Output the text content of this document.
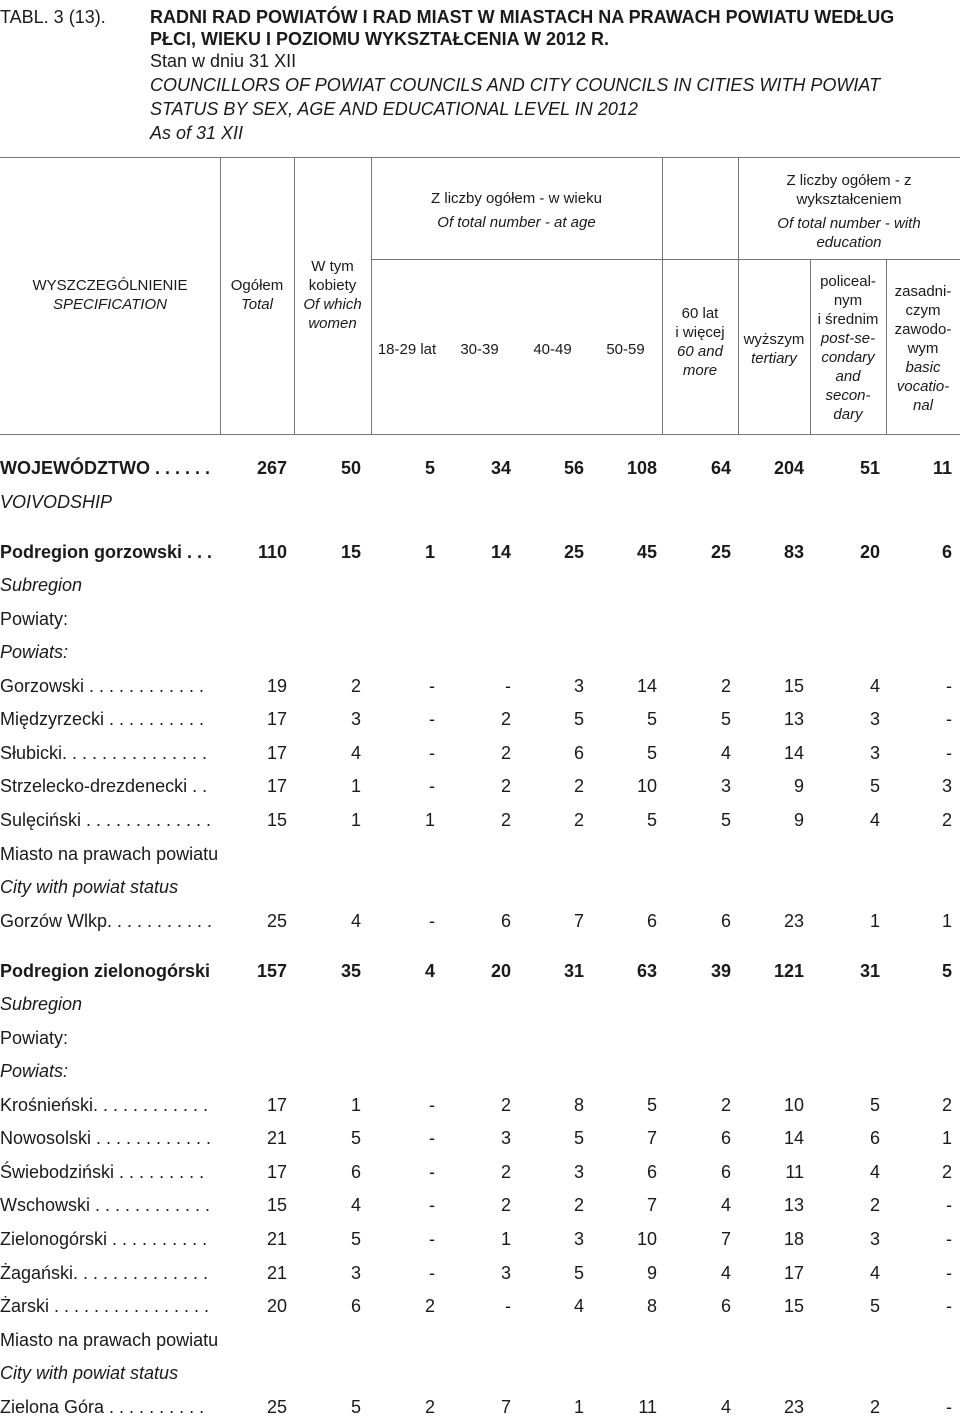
TABL. 3 (13). RADNI RAD POWIATÓW I RAD MIAST W MIASTACH NA PRAWACH POWIATU WEDŁUG
PŁCI, WIEKU I POZIOMU WYKSZTAŁCENIA W 2012 R.
Stan w dniu 31 XII
COUNCILLORS OF POWIAT COUNCILS AND CITY COUNCILS IN CITIES WITH POWIAT
STATUS BY SEX, AGE AND EDUCATIONAL LEVEL IN 2012
As of 31 XII
WYSZCZEGÓLNIENIE
SPECIFICATION
Ogółem
Total
W tym
kobiety
Of which
women
Z liczby ogółem - w wieku
Of total number - at age
18-29 lat	30-39	40-49	50-59
60 lat
i więcej
60 and
more
Z liczby ogółem - z
wykształceniem
Of total number - with
education
wyższym
tertiary
policeal-
nym
i średnim
post-se-
condary
and
secon-
dary
zasadni-
czym
zawodo-
wym
basic
vocatio-
nal
WOJEWÓDZTWO . . . . . .	267	50	5	34	56	108	64	204	51	11
VOIVODSHIP
Podregion gorzowski . . .	110	15	1	14	25	45	25	83	20	6
Subregion
Powiaty:
Powiats:
Gorzowski . . . . . . . . . . . .	19	2	-	-	3	14	2	15	4	-
Międzyrzecki . . . . . . . . . .	17	3	-	2	5	5	5	13	3	-
Słubicki. . . . . . . . . . . . . . .	17	4	-	2	6	5	4	14	3	-
Strzelecko-drezdenecki . .	17	1	-	2	2	10	3	9	5	3
Sulęciński . . . . . . . . . . . . .	15	1	1	2	2	5	5	9	4	2
Miasto na prawach powiatu
City with powiat status
Gorzów Wlkp. . . . . . . . . . .	25	4	-	6	7	6	6	23	1	1
Podregion zielonogórski	157	35	4	20	31	63	39	121	31	5
Subregion
Powiaty:
Powiats:
Krośnieński. . . . . . . . . . . .	17	1	-	2	8	5	2	10	5	2
Nowosolski . . . . . . . . . . . .	21	5	-	3	5	7	6	14	6	1
Świebodziński . . . . . . . . .	17	6	-	2	3	6	6	11	4	2
Wschowski . . . . . . . . . . . .	15	4	-	2	2	7	4	13	2	-
Zielonogórski . . . . . . . . . .	21	5	-	1	3	10	7	18	3	-
Żagański. . . . . . . . . . . . . .	21	3	-	3	5	9	4	17	4	-
Żarski . . . . . . . . . . . . . . . .	20	6	2	-	4	8	6	15	5	-
Miasto na prawach powiatu
City with powiat status
Zielona Góra . . . . . . . . . .	25	5	2	7	1	11	4	23	2	-
